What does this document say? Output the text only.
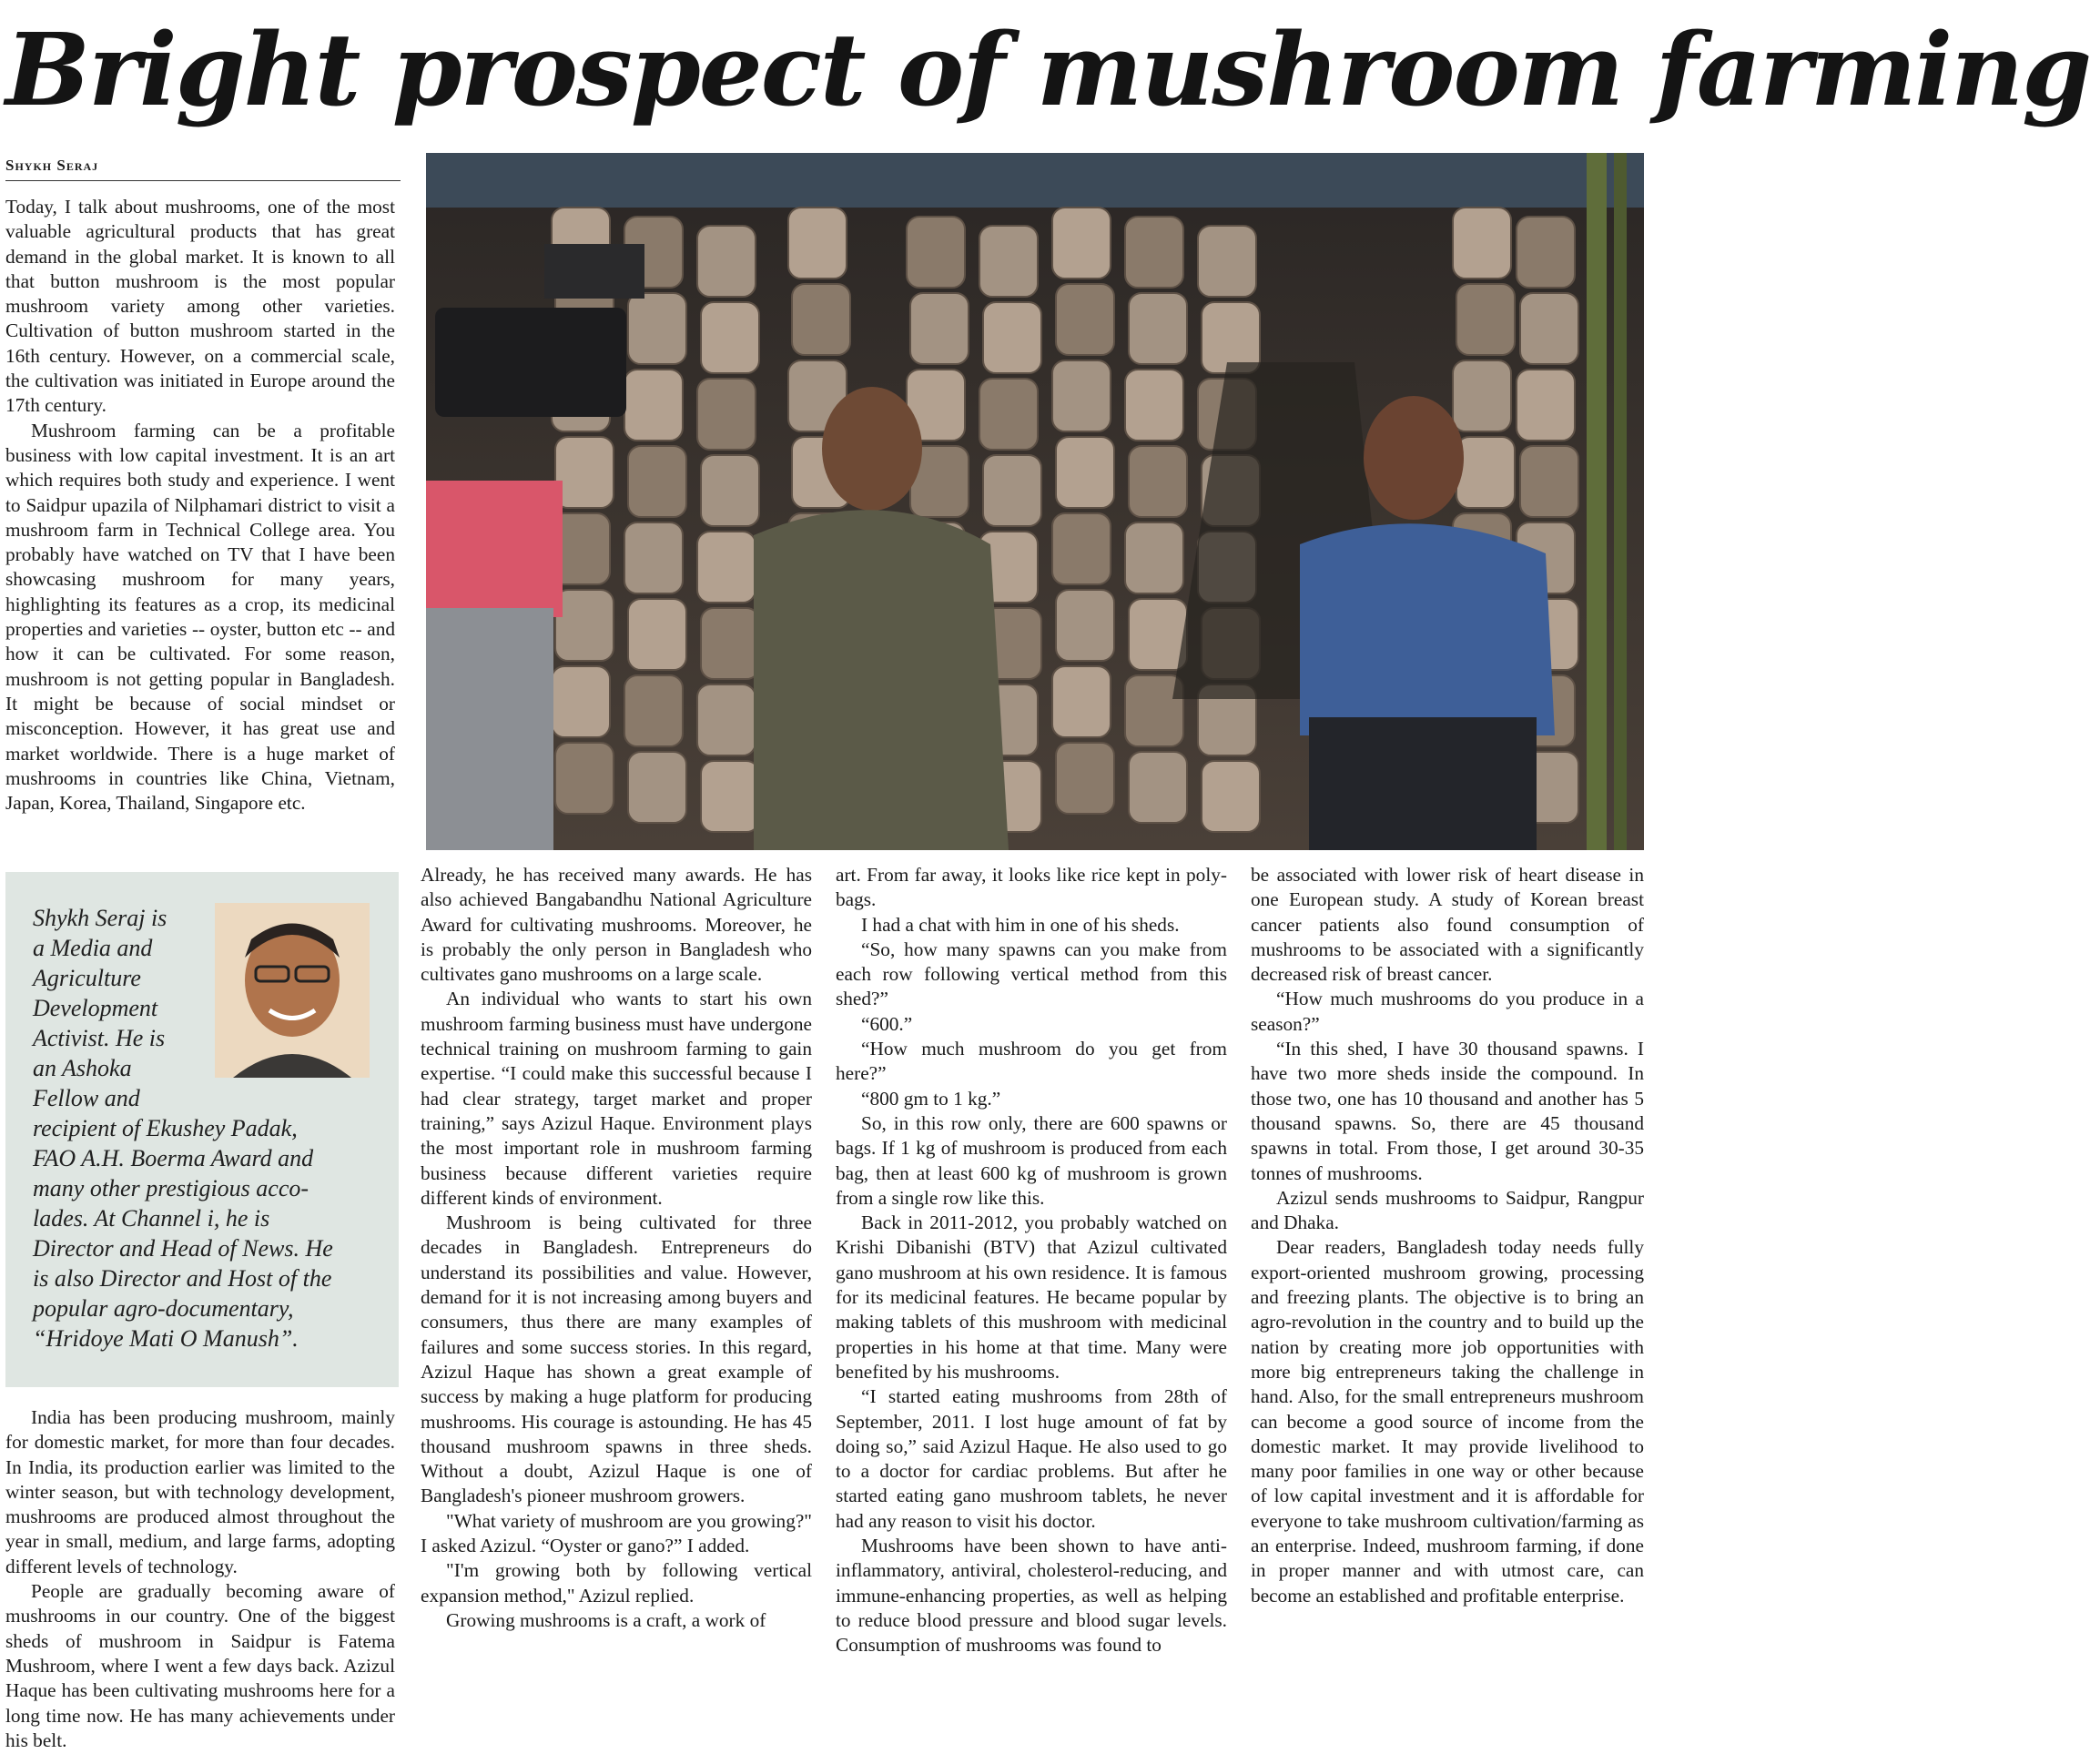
Bright prospect of mushroom farming
Shykh Seraj

Today, I talk about mushrooms, one of the most valuable agricultural products that has great demand in the global market. It is known to all that button mushroom is the most popular mushroom variety among other varieties. Cultivation of button mushroom started in the 16th century. However, on a commercial scale, the cultivation was initiated in Europe around the 17th century.

Mushroom farming can be a profitable business with low capital investment. It is an art which requires both study and experience. I went to Saidpur upazila of Nilphamari district to visit a mushroom farm in Technical College area. You probably have watched on TV that I have been showcasing mushroom for many years, highlighting its features as a crop, its medicinal properties and varieties -- oyster, button etc -- and how it can be cultivated. For some reason, mushroom is not getting popular in Bangladesh. It might be because of social mindset or misconception. However, it has great use and market worldwide. There is a huge market of mushrooms in countries like China, Vietnam, Japan, Korea, Thailand, Singapore etc.

Shykh Seraj is
a Media and
Agriculture
Development
Activist. He is
an Ashoka
Fellow and
recipient of Ekushey Padak,
FAO A.H. Boerma Award and
many other prestigious acco-
lades. At Channel i, he is
Director and Head of News. He
is also Director and Host of the
popular agro-documentary,
“Hridoye Mati O Manush”.

India has been producing mushroom, mainly for domestic market, for more than four decades. In India, its production earlier was limited to the winter season, but with technology development, mushrooms are produced almost throughout the year in small, medium, and large farms, adopting different levels of technology.

People are gradually becoming aware of mushrooms in our country. One of the biggest sheds of mushroom in Saidpur is Fatema Mushroom, where I went a few days back. Azizul Haque has been cultivating mushrooms here for a long time now. He has many achievements under his belt.

Already, he has received many awards. He has also achieved Bangabandhu National Agriculture Award for cultivating mushrooms. Moreover, he is probably the only person in Bangladesh who cultivates gano mushrooms on a large scale.

An individual who wants to start his own mushroom farming business must have undergone technical training on mushroom farming to gain expertise. “I could make this successful because I had clear strategy, target market and proper training,” says Azizul Haque. Environment plays the most important role in mushroom farming business because different varieties require different kinds of environment.

Mushroom is being cultivated for three decades in Bangladesh. Entrepreneurs do understand its possibilities and value. However, demand for it is not increasing among buyers and consumers, thus there are many examples of failures and some success stories. In this regard, Azizul Haque has shown a great example of success by making a huge platform for producing mushrooms. His courage is astounding. He has 45 thousand mushroom spawns in three sheds. Without a doubt, Azizul Haque is one of Bangladesh's pioneer mushroom growers.

"What variety of mushroom are you growing?" I asked Azizul. “Oyster or gano?” I added.

"I'm growing both by following vertical expansion method," Azizul replied.

Growing mushrooms is a craft, a work of

art. From far away, it looks like rice kept in poly-bags.

I had a chat with him in one of his sheds.

“So, how many spawns can you make from each row following vertical method from this shed?”

“600.”

“How much mushroom do you get from here?”

“800 gm to 1 kg.”

So, in this row only, there are 600 spawns or bags. If 1 kg of mushroom is produced from each bag, then at least 600 kg of mushroom is grown from a single row like this.

Back in 2011-2012, you probably watched on Krishi Dibanishi (BTV) that Azizul cultivated gano mushroom at his own residence. It is famous for its medicinal features. He became popular by making tablets of this mushroom with medicinal properties in his home at that time. Many were benefited by his mushrooms.

“I started eating mushrooms from 28th of September, 2011. I lost huge amount of fat by doing so,” said Azizul Haque. He also used to go to a doctor for cardiac problems. But after he started eating gano mushroom tablets, he never had any reason to visit his doctor.

Mushrooms have been shown to have anti-inflammatory, antiviral, cholesterol-reducing, and immune-enhancing properties, as well as helping to reduce blood pressure and blood sugar levels. Consumption of mushrooms was found to

be associated with lower risk of heart disease in one European study. A study of Korean breast cancer patients also found consumption of mushrooms to be associated with a significantly decreased risk of breast cancer.

“How much mushrooms do you produce in a season?”

“In this shed, I have 30 thousand spawns. I have two more sheds inside the compound. In those two, one has 10 thousand and another has 5 thousand spawns. So, there are 45 thousand spawns in total. From those, I get around 30-35 tonnes of mushrooms.

Azizul sends mushrooms to Saidpur, Rangpur and Dhaka.

Dear readers, Bangladesh today needs fully export-oriented mushroom growing, processing and freezing plants. The objective is to bring an agro-revolution in the country and to build up the nation by creating more job opportunities with more big entrepreneurs taking the challenge in hand. Also, for the small entrepreneurs mushroom can become a good source of income from the domestic market. It may provide livelihood to many poor families in one way or other because of low capital investment and it is affordable for everyone to take mushroom cultivation/farming as an enterprise. Indeed, mushroom farming, if done in proper manner and with utmost care, can become an established and profitable enterprise.
